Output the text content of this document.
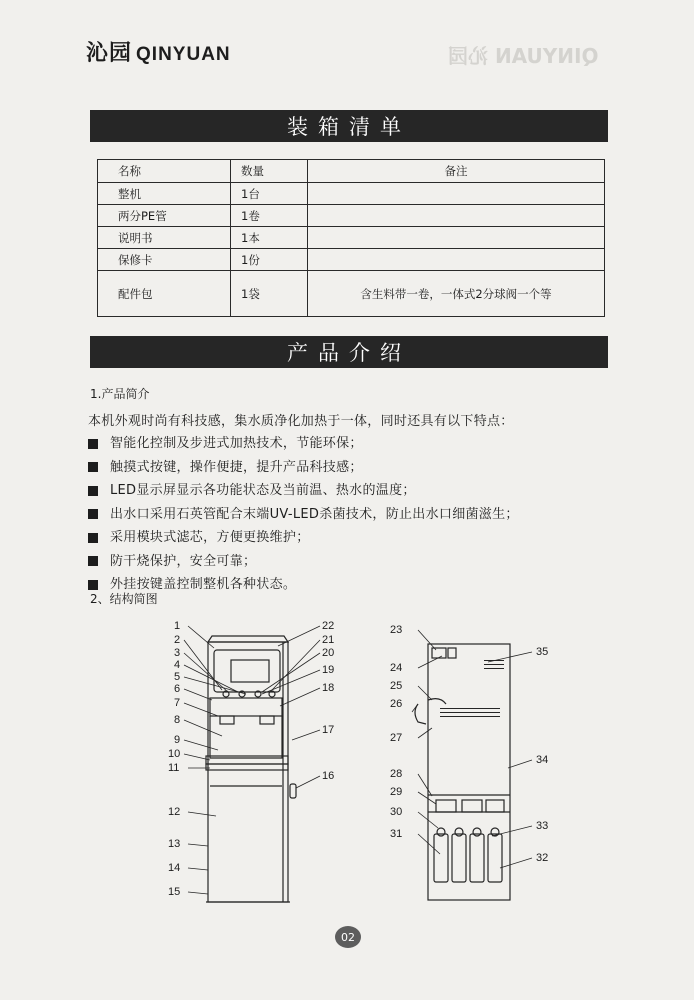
QINYUAN 沁园
沁园 QINYUAN
装箱清单
名称	数量	备注
整机	1台	
两分PE管	1卷	
说明书	1本	
保修卡	1份	
配件包	1袋	含生料带一卷，一体式2分球阀一个等
产品介绍
1.产品简介
本机外观时尚有科技感，集水质净化加热于一体，同时还具有以下特点：
智能化控制及步进式加热技术，节能环保；
触摸式按键，操作便捷，提升产品科技感；
LED显示屏显示各功能状态及当前温、热水的温度；
出水口采用石英管配合末端UV-LED杀菌技术，防止出水口细菌滋生；
采用模块式滤芯，方便更换维护；
防干烧保护，安全可靠；
外挂按键盖控制整机各种状态。
2、结构简图
1
2
3
4
5
6
7
8
9
10
11
12
13
14
15
22
21
20
19
18
17
16
23
24
25
26
27
28
29
30
31
35
34
33
32
02
